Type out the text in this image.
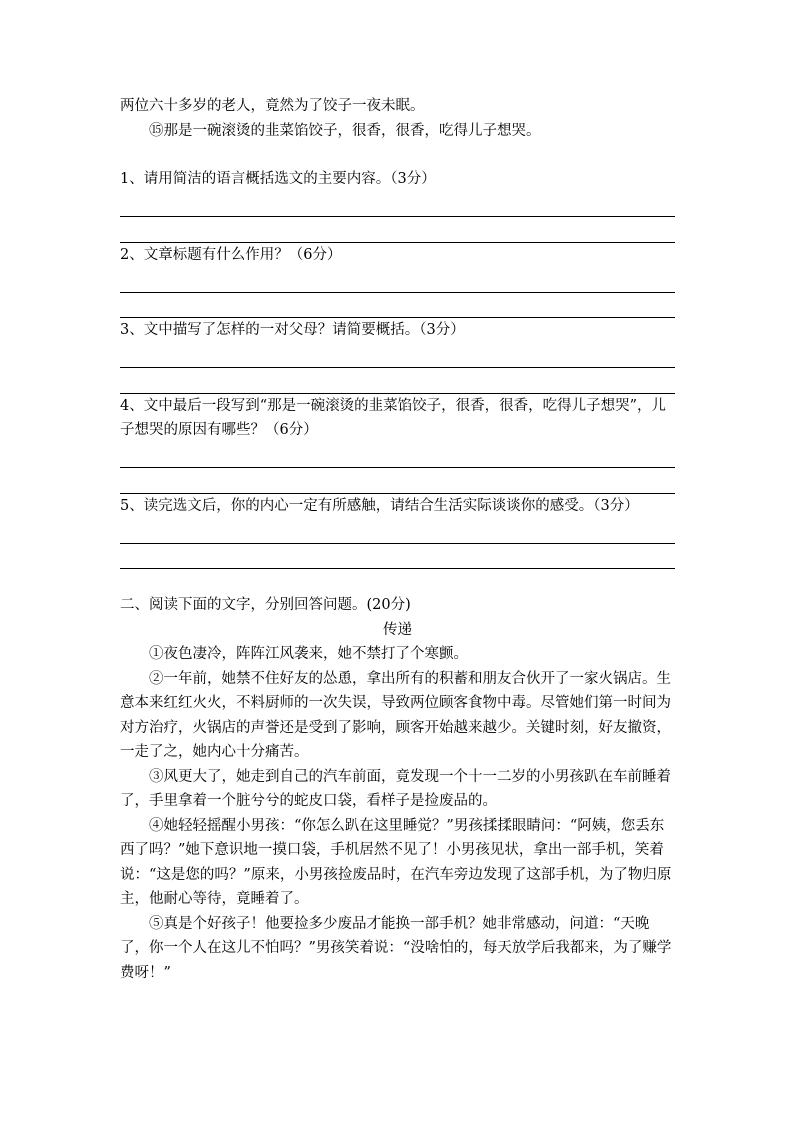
两位六十多岁的老人，竟然为了饺子一夜未眠。

⑮那是一碗滚烫的韭菜馅饺子，很香，很香，吃得儿子想哭。

1、请用简洁的语言概括选文的主要内容。（3分）

2、文章标题有什么作用？（6分）

3、文中描写了怎样的一对父母？请简要概括。（3分）

4、文中最后一段写到“那是一碗滚烫的韭菜馅饺子，很香，很香，吃得儿子想哭”，儿子想哭的原因有哪些？（6分）

5、读完选文后，你的内心一定有所感触，请结合生活实际谈谈你的感受。（3分）

二、阅读下面的文字，分别回答问题。(20分)

传递

①夜色凄冷，阵阵江风袭来，她不禁打了个寒颤。

②一年前，她禁不住好友的怂恿，拿出所有的积蓄和朋友合伙开了一家火锅店。生意本来红红火火，不料厨师的一次失误，导致两位顾客食物中毒。尽管她们第一时间为对方治疗，火锅店的声誉还是受到了影响，顾客开始越来越少。关键时刻，好友撤资，一走了之，她内心十分痛苦。

③风更大了，她走到自己的汽车前面，竟发现一个十一二岁的小男孩趴在车前睡着了，手里拿着一个脏兮兮的蛇皮口袋，看样子是捡废品的。

④她轻轻摇醒小男孩：“你怎么趴在这里睡觉？”男孩揉揉眼睛问：“阿姨，您丢东西了吗？”她下意识地一摸口袋，手机居然不见了！小男孩见状，拿出一部手机，笑着说：“这是您的吗？”原来，小男孩捡废品时，在汽车旁边发现了这部手机，为了物归原主，他耐心等待，竟睡着了。

⑤真是个好孩子！他要捡多少废品才能换一部手机？她非常感动，问道：“天晚了，你一个人在这儿不怕吗？”男孩笑着说：“没啥怕的，每天放学后我都来，为了赚学费呀！”
